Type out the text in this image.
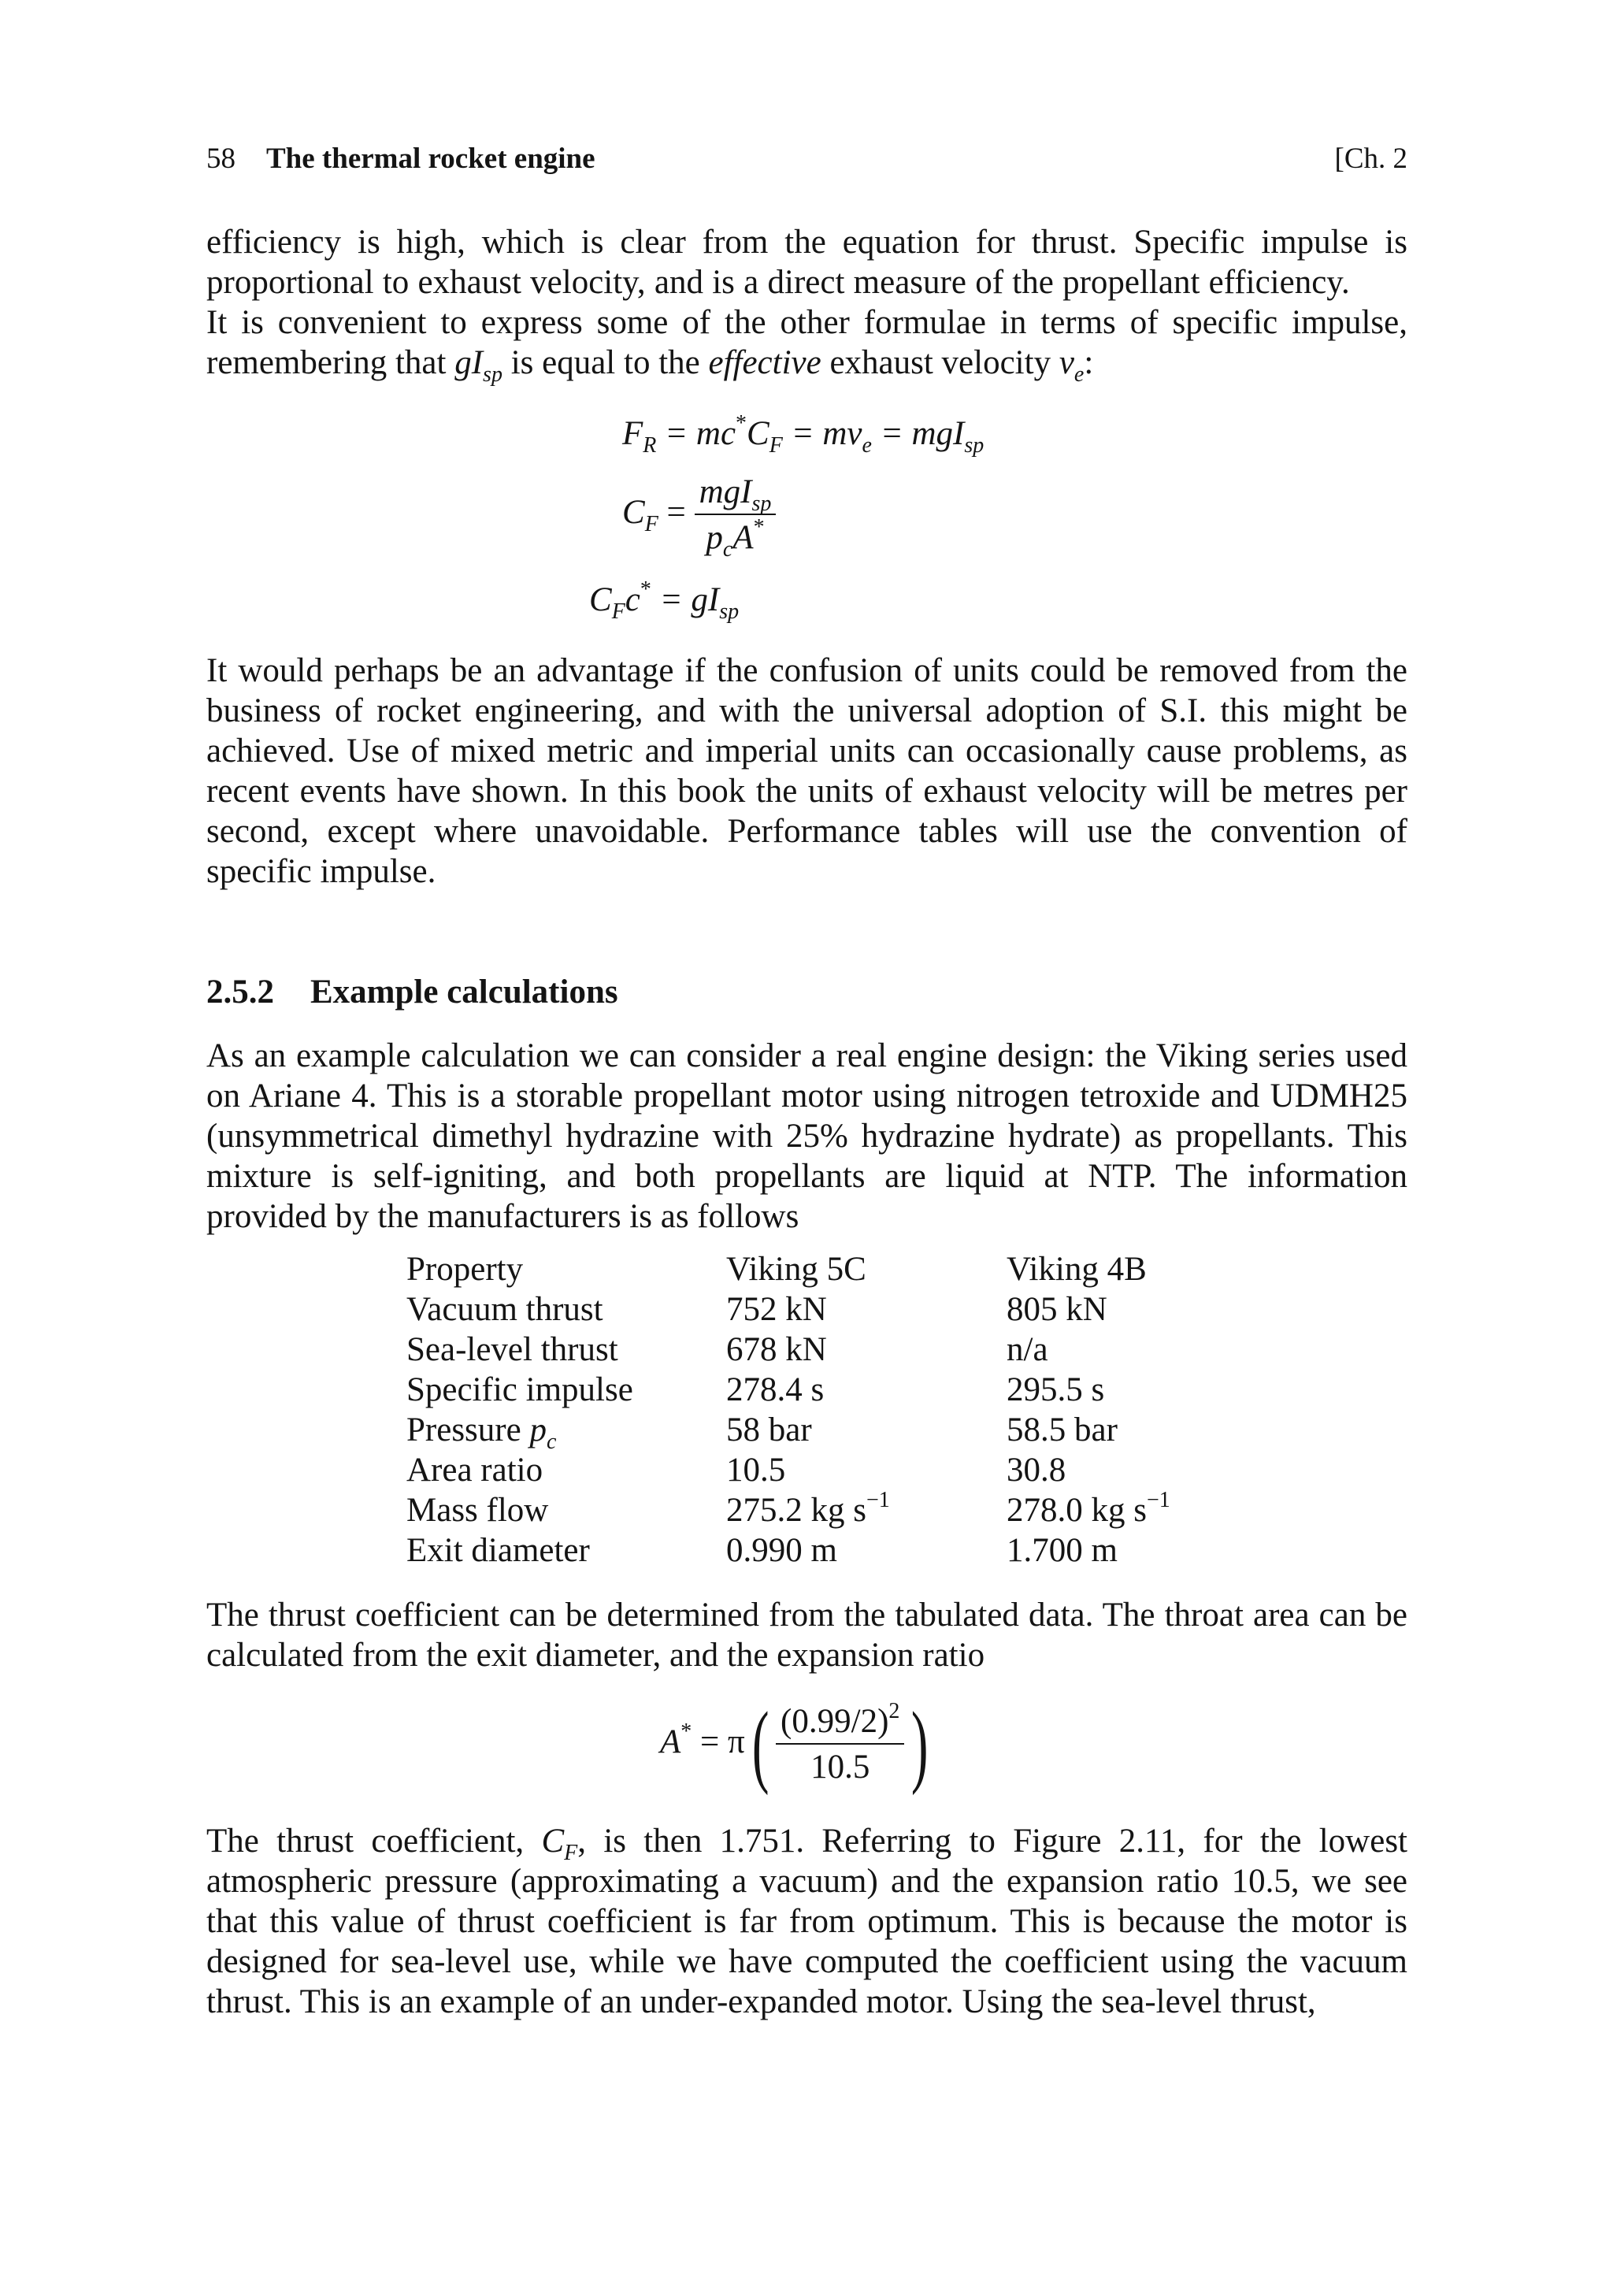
58 The thermal rocket engine	[Ch. 2

efficiency is high, which is clear from the equation for thrust. Specific impulse is proportional to exhaust velocity, and is a direct measure of the propellant efficiency. It is convenient to express some of the other formulae in terms of specific impulse, remembering that $gI_{sp}$ is equal to the effective exhaust velocity $v_e$:

$F_R = mc^*C_F = mv_e = mgI_{sp}$
$C_F = \frac{mgI_{sp}}{p_cA^*}$
$C_Fc^* = gI_{sp}$

It would perhaps be an advantage if the confusion of units could be removed from the business of rocket engineering, and with the universal adoption of S.I. this might be achieved. Use of mixed metric and imperial units can occasionally cause problems, as recent events have shown. In this book the units of exhaust velocity will be metres per second, except where unavoidable. Performance tables will use the convention of specific impulse.

2.5.2 Example calculations

As an example calculation we can consider a real engine design: the Viking series used on Ariane 4. This is a storable propellant motor using nitrogen tetroxide and UDMH25 (unsymmetrical dimethyl hydrazine with 25% hydrazine hydrate) as propellants. This mixture is self-igniting, and both propellants are liquid at NTP. The information provided by the manufacturers is as follows

Property	Viking 5C	Viking 4B
Vacuum thrust	752 kN	805 kN
Sea-level thrust	678 kN	n/a
Specific impulse	278.4 s	295.5 s
Pressure $p_c$	58 bar	58.5 bar
Area ratio	10.5	30.8
Mass flow	275.2 kg $s^{-1}$	278.0 kg $s^{-1}$
Exit diameter	0.990 m	1.700 m

The thrust coefficient can be determined from the tabulated data. The throat area can be calculated from the exit diameter, and the expansion ratio

$A^* = \pi( \frac{(0.99/2)^2}{10.5}$ )

The thrust coefficient, $C_F$, is then 1.751. Referring to Figure 2.11, for the lowest atmospheric pressure (approximating a vacuum) and the expansion ratio 10.5, we see that this value of thrust coefficient is far from optimum. This is because the motor is designed for sea-level use, while we have computed the coefficient using the vacuum thrust. This is an example of an under-expanded motor. Using the sea-level thrust,
